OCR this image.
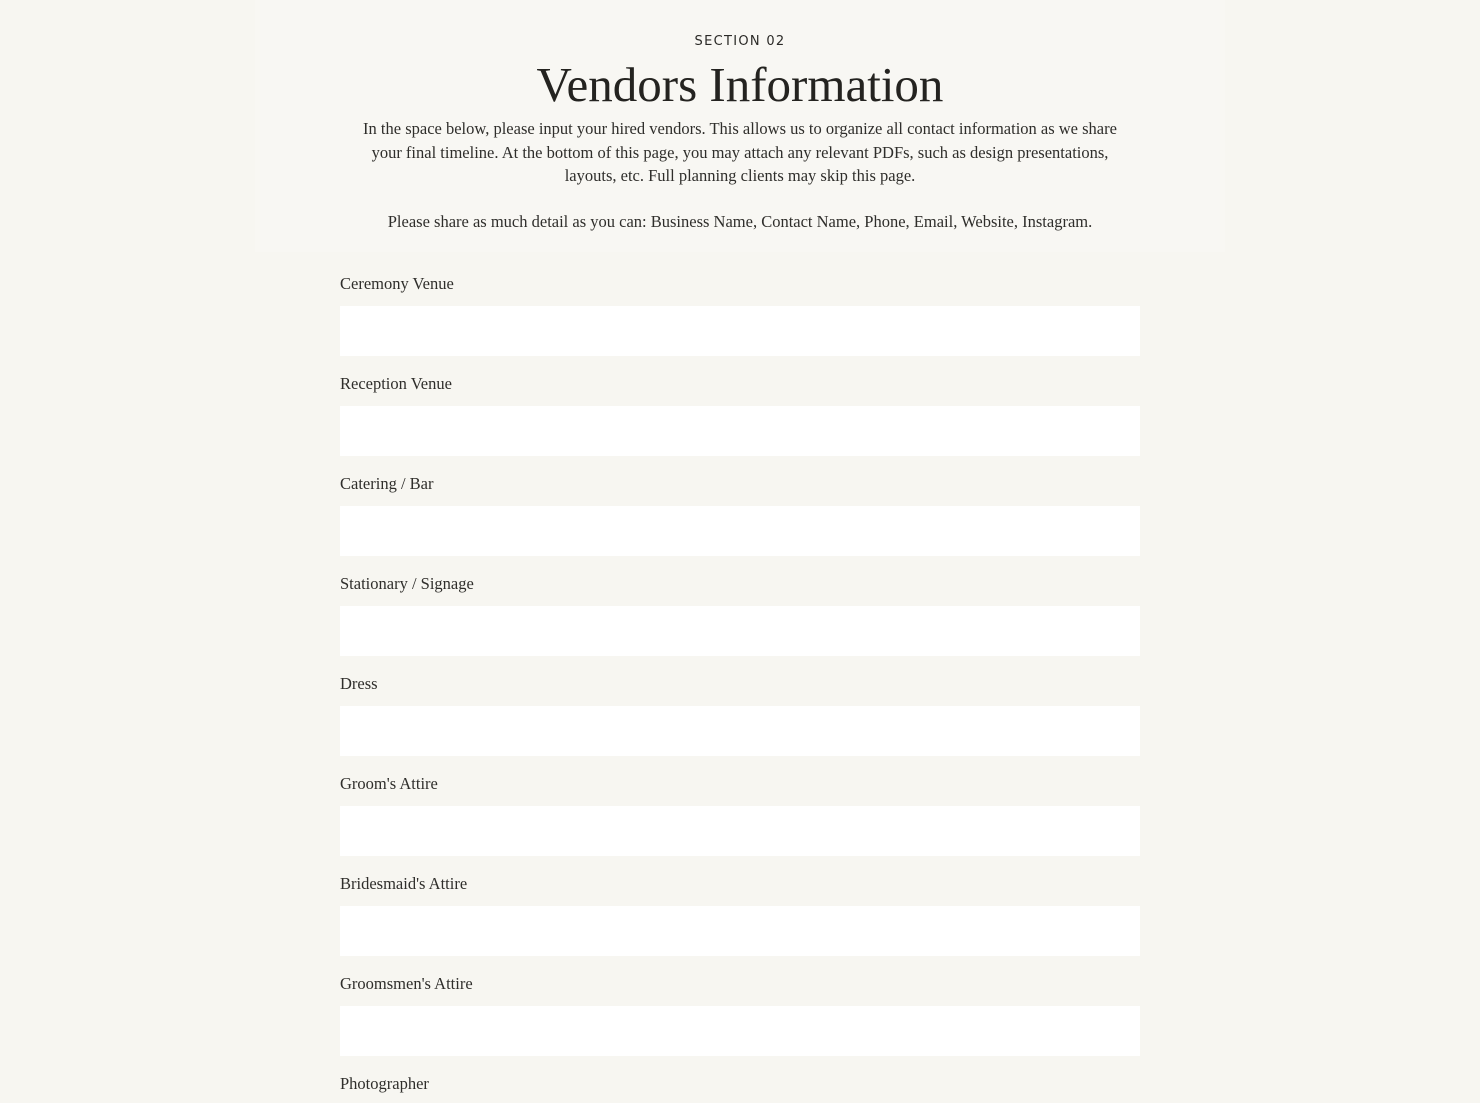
SECTION 02
Vendors Information

In the space below, please input your hired vendors. This allows us to organize all contact information as we share your final timeline. At the bottom of this page, you may attach any relevant PDFs, such as design presentations, layouts, etc. Full planning clients may skip this page.

Please share as much detail as you can: Business Name, Contact Name, Phone, Email, Website, Instagram.

Ceremony Venue
Reception Venue
Catering / Bar
Stationary / Signage
Dress
Groom's Attire
Bridesmaid's Attire
Groomsmen's Attire
Photographer
